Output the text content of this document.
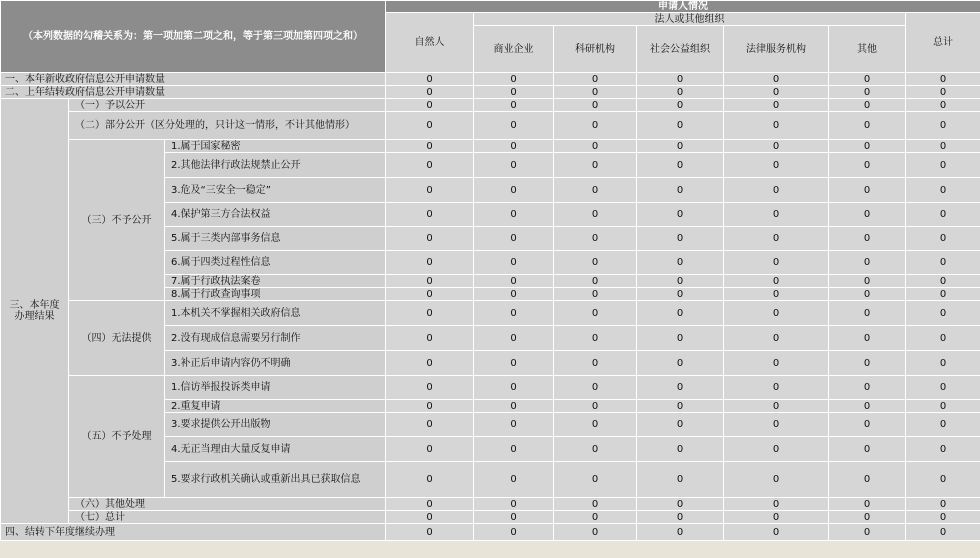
（本列数据的勾稽关系为：第一项加第二项之和，等于第三项加第四项之和）			申请人情况						
			自然人	法人或其他组织					总计
				商业企业	科研机构	社会公益组织	法律服务机构	其他	
一、本年新收政府信息公开申请数量			0	0	0	0	0	0	0
二、上年结转政府信息公开申请数量			0	0	0	0	0	0	0
三、本年度办理结果	（一）予以公开		0	0	0	0	0	0	0
	（二）部分公开（区分处理的，只计这一情形，不计其他情形）		0	0	0	0	0	0	0
	（三）不予公开	1.属于国家秘密	0	0	0	0	0	0	0
		2.其他法律行政法规禁止公开	0	0	0	0	0	0	0
		3.危及“三安全一稳定”	0	0	0	0	0	0	0
		4.保护第三方合法权益	0	0	0	0	0	0	0
		5.属于三类内部事务信息	0	0	0	0	0	0	0
		6.属于四类过程性信息	0	0	0	0	0	0	0
		7.属于行政执法案卷	0	0	0	0	0	0	0
		8.属于行政查询事项	0	0	0	0	0	0	0
	（四）无法提供	1.本机关不掌握相关政府信息	0	0	0	0	0	0	0
		2.没有现成信息需要另行制作	0	0	0	0	0	0	0
		3.补正后申请内容仍不明确	0	0	0	0	0	0	0
	（五）不予处理	1.信访举报投诉类申请	0	0	0	0	0	0	0
		2.重复申请	0	0	0	0	0	0	0
		3.要求提供公开出版物	0	0	0	0	0	0	0
		4.无正当理由大量反复申请	0	0	0	0	0	0	0
		5.要求行政机关确认或重新出具已获取信息	0	0	0	0	0	0	0
	（六）其他处理		0	0	0	0	0	0	0
	（七）总计		0	0	0	0	0	0	0
四、结转下年度继续办理			0	0	0	0	0	0	0
